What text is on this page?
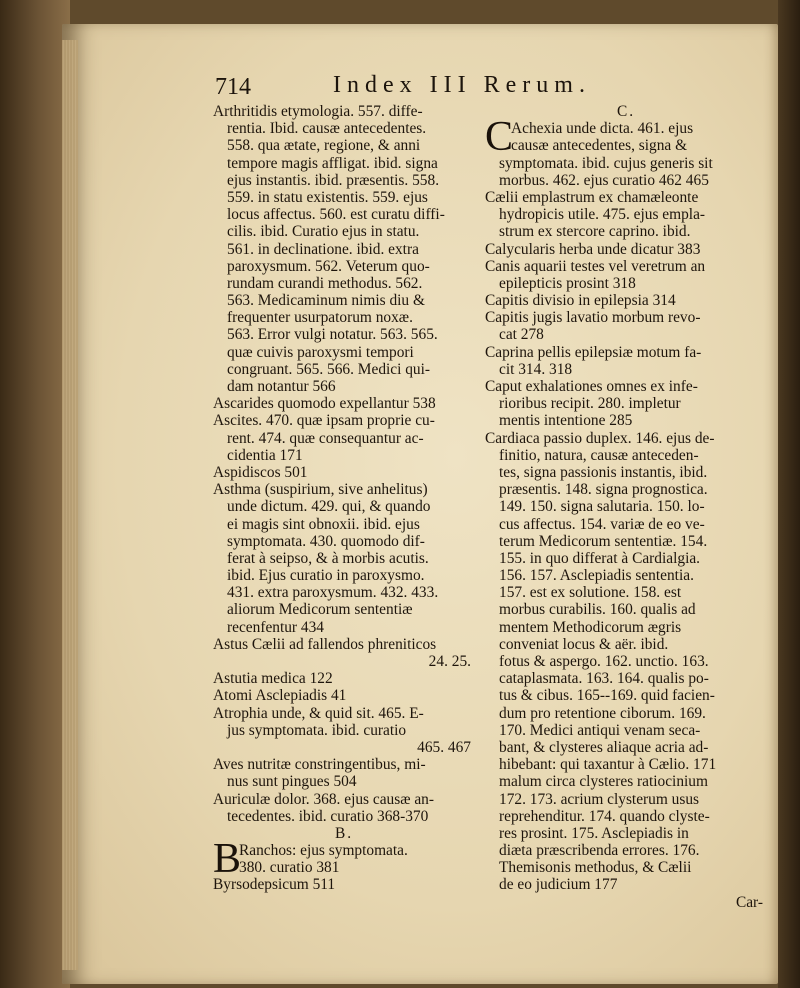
714	Index III Rerum.
Arthritidis etymologia. 557. diffe-
rentia. Ibid. causæ antecedentes.
558. qua ætate, regione, & anni
tempore magis affligat. ibid. signa
ejus instantis. ibid. præsentis. 558.
559. in statu existentis. 559. ejus
locus affectus. 560. est curatu diffi-
cilis. ibid. Curatio ejus in statu.
561. in declinatione. ibid. extra
paroxysmum. 562. Veterum quo-
rundam curandi methodus. 562.
563. Medicaminum nimis diu &
frequenter usurpatorum noxæ.
563. Error vulgi notatur. 563. 565.
quæ cuivis paroxysmi tempori
congruant. 565. 566. Medici qui-
dam notantur 566
Ascarides quomodo expellantur 538
Ascites. 470. quæ ipsam proprie cu-
rent. 474. quæ consequantur ac-
cidentia 171
Aspidiscos 501
Asthma (suspirium, sive anhelitus)
unde dictum. 429. qui, & quando
ei magis sint obnoxii. ibid. ejus
symptomata. 430. quomodo dif-
ferat à seipso, & à morbis acutis.
ibid. Ejus curatio in paroxysmo.
431. extra paroxysmum. 432. 433.
aliorum Medicorum sententiæ
recenfentur 434
Astus Cælii ad fallendos phreniticos
24. 25.
Astutia medica 122
Atomi Asclepiadis 41
Atrophia unde, & quid sit. 465. E-
jus symptomata. ibid. curatio
465. 467
Aves nutritæ constringentibus, mi-
nus sunt pingues 504
Auriculæ dolor. 368. ejus causæ an-
tecedentes. ibid. curatio 368-370
B.
B
Ranchos: ejus symptomata.
380. curatio 381
Byrsodepsicum 511
C.
C
Achexia unde dicta. 461. ejus
causæ antecedentes, signa &
symptomata. ibid. cujus generis sit
morbus. 462. ejus curatio 462 465
Cælii emplastrum ex chamæleonte
hydropicis utile. 475. ejus empla-
strum ex stercore caprino. ibid.
Calycularis herba unde dicatur 383
Canis aquarii testes vel veretrum an
epilepticis prosint 318
Capitis divisio in epilepsia 314
Capitis jugis lavatio morbum revo-
cat 278
Caprina pellis epilepsiæ motum fa-
cit 314. 318
Caput exhalationes omnes ex infe-
rioribus recipit. 280. impletur
mentis intentione 285
Cardiaca passio duplex. 146. ejus de-
finitio, natura, causæ anteceden-
tes, signa passionis instantis, ibid.
præsentis. 148. signa prognostica.
149. 150. signa salutaria. 150. lo-
cus affectus. 154. variæ de eo ve-
terum Medicorum sententiæ. 154.
155. in quo differat à Cardialgia.
156. 157. Asclepiadis sententia.
157. est ex solutione. 158. est
morbus curabilis. 160. qualis ad
mentem Methodicorum ægris
conveniat locus & aër. ibid.
fotus & aspergo. 162. unctio. 163.
cataplasmata. 163. 164. qualis po-
tus & cibus. 165--169. quid facien-
dum pro retentione ciborum. 169.
170. Medici antiqui venam seca-
bant, & clysteres aliaque acria ad-
hibebant: qui taxantur à Cælio. 171
malum circa clysteres ratiocinium
172. 173. acrium clysterum usus
reprehenditur. 174. quando clyste-
res prosint. 175. Asclepiadis in
diæta præscribenda errores. 176.
Themisonis methodus, & Cælii
de eo judicium 177
Car-
